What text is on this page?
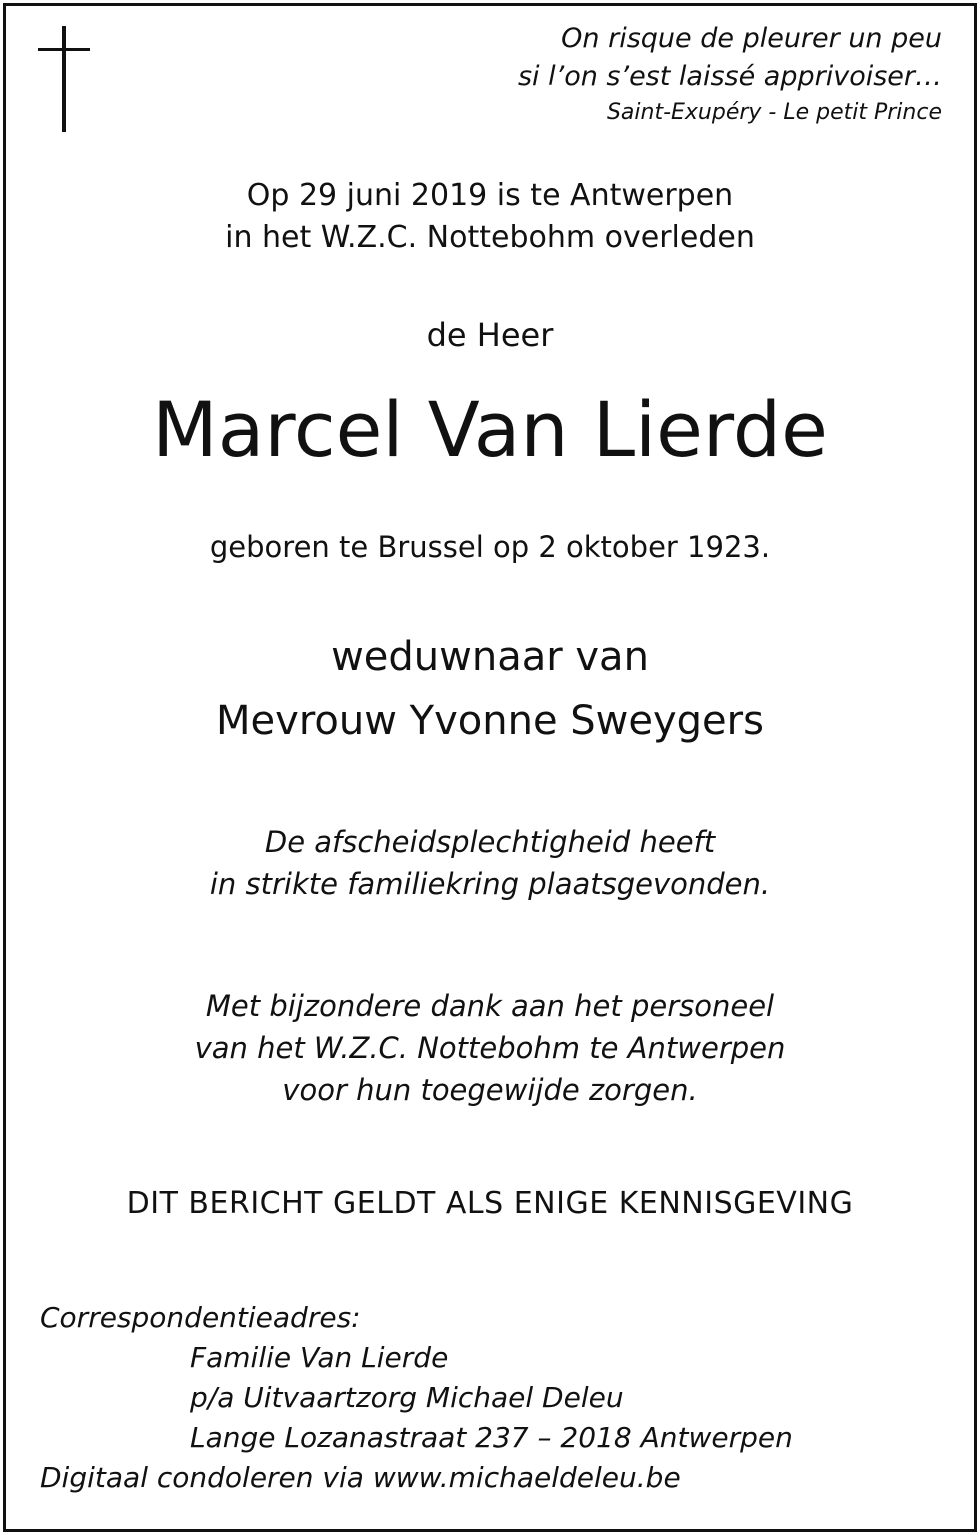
On risque de pleurer un peu
si l’on s’est laissé apprivoiser…
Saint-Exupéry - Le petit Prince
Op 29 juni 2019 is te Antwerpen
in het W.Z.C. Nottebohm overleden
de Heer
Marcel Van Lierde
geboren te Brussel op 2 oktober 1923.
weduwnaar van
Mevrouw Yvonne Sweygers
De afscheidsplechtigheid heeft
in strikte familiekring plaatsgevonden.
Met bijzondere dank aan het personeel
van het W.Z.C. Nottebohm te Antwerpen
voor hun toegewijde zorgen.
DIT BERICHT GELDT ALS ENIGE KENNISGEVING
Correspondentieadres:
Familie Van Lierde
p/a Uitvaartzorg Michael Deleu
Lange Lozanastraat 237 – 2018 Antwerpen
Digitaal condoleren via www.michaeldeleu.be
